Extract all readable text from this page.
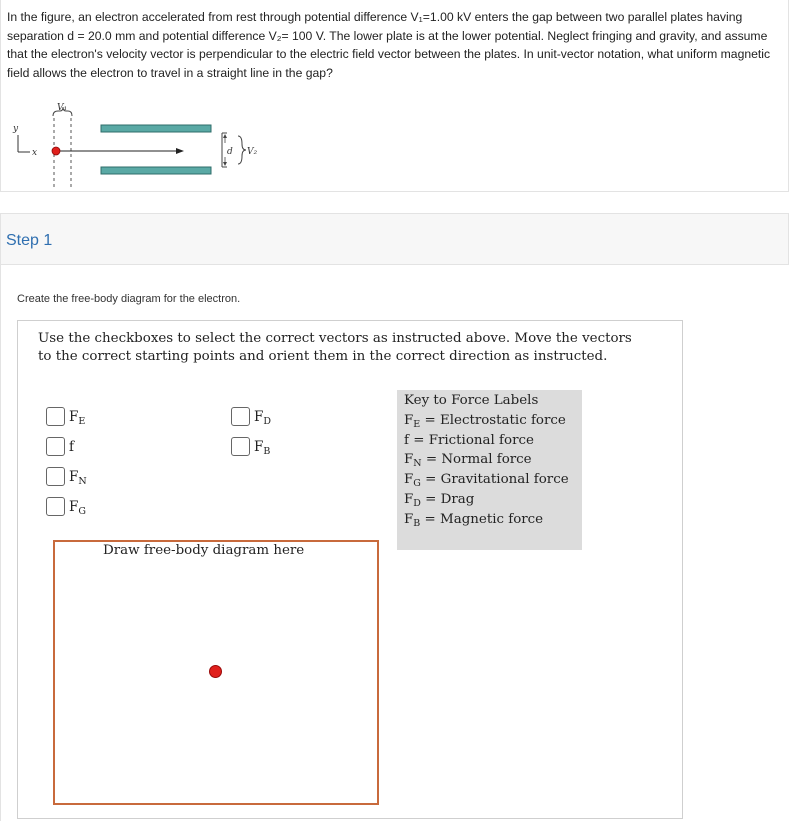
In the figure, an electron accelerated from rest through potential difference V₁=1.00 kV enters the gap between two parallel plates having separation d = 20.0 mm and potential difference V₂= 100 V. The lower plate is at the lower potential. Neglect fringing and gravity, and assume that the electron's velocity vector is perpendicular to the electric field vector between the plates. In unit-vector notation, what uniform magnetic field allows the electron to travel in a straight line in the gap?
y
x
V₁
d V₂
Step 1
Create the free-body diagram for the electron.
Use the checkboxes to select the correct vectors as instructed above. Move the vectors to the correct starting points and orient them in the correct direction as instructed.
$F_E$
f
$F_N$
$F_G$
$F_D$
$F_B$
Key to Force Labels
$F_E$ = Electrostatic force
f = Frictional force
$F_N$ = Normal force
$F_G$ = Gravitational force
$F_D$ = Drag
$F_B$ = Magnetic force
Draw free-body diagram here
